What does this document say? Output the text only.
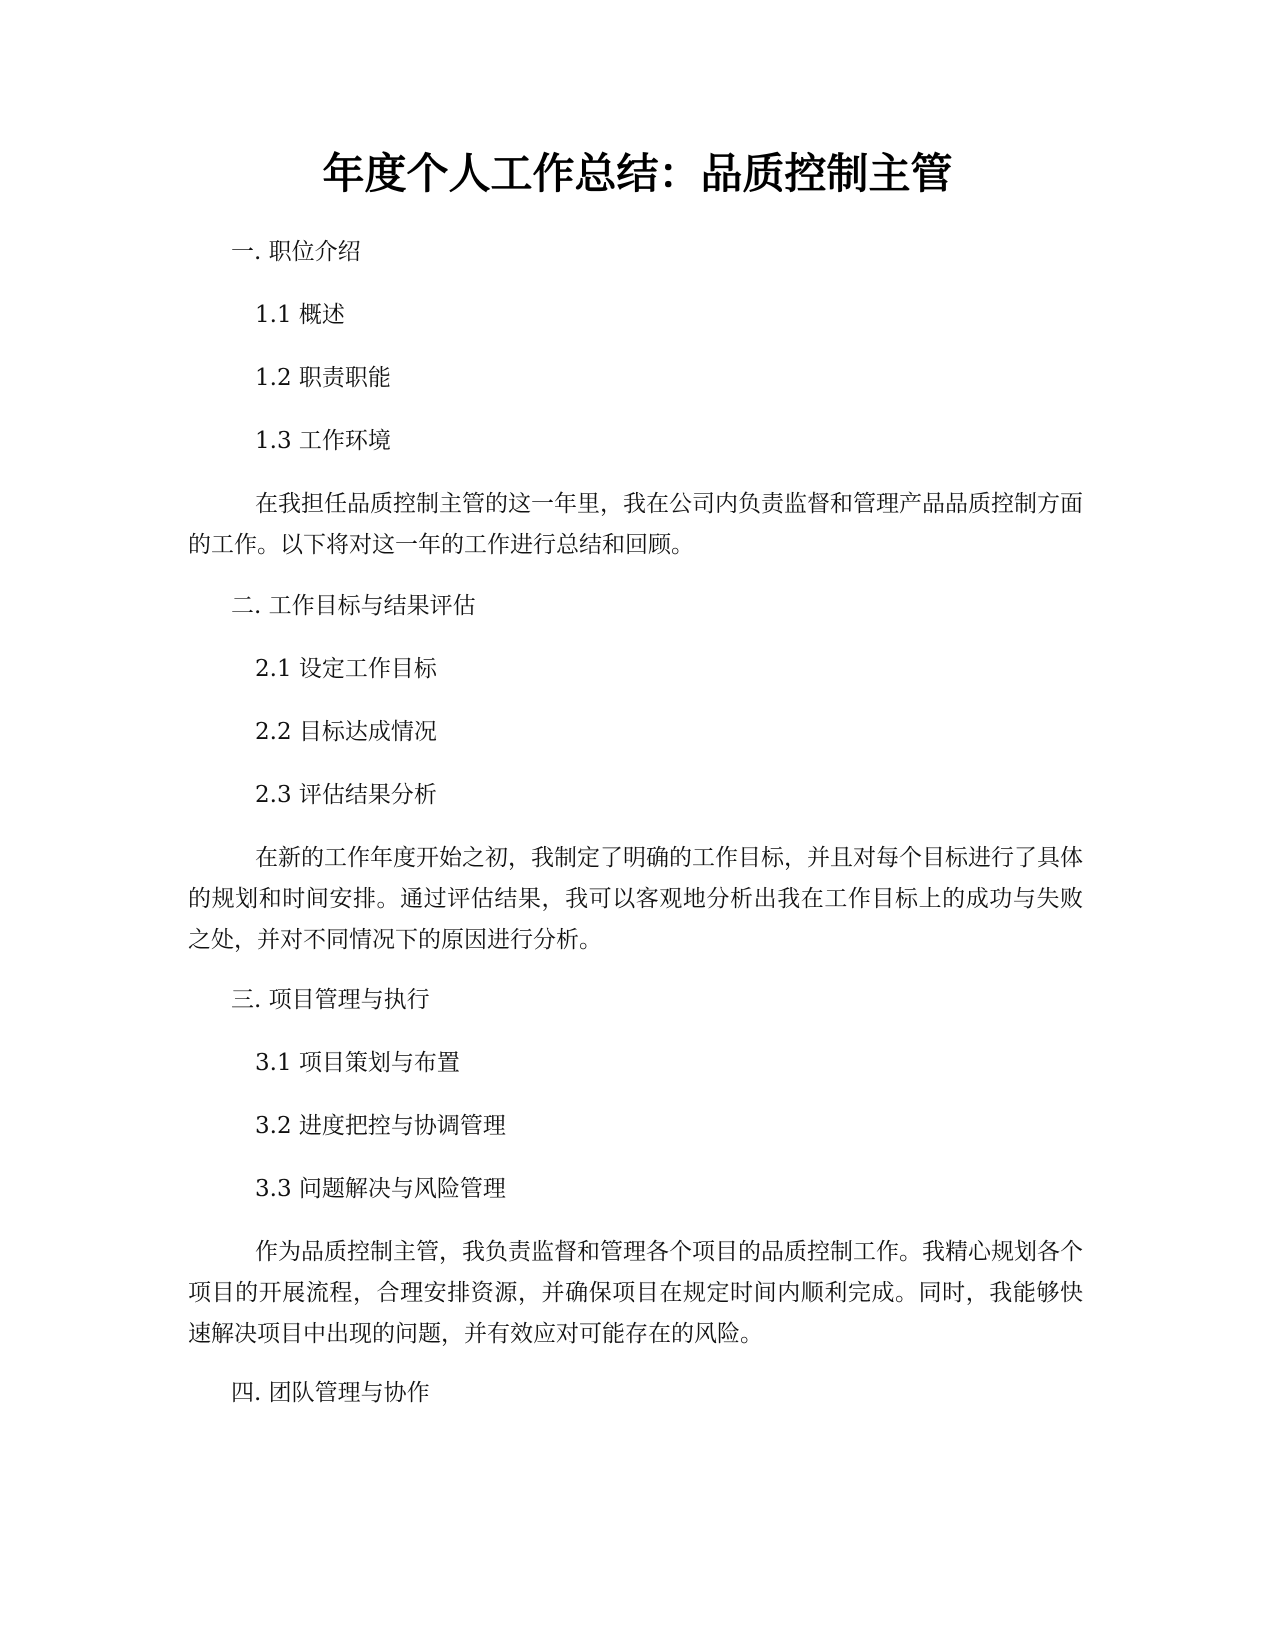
年度个人工作总结：品质控制主管

一. 职位介绍

1.1 概述

1.2 职责职能

1.3 工作环境

在我担任品质控制主管的这一年里，我在公司内负责监督和管理产品品质控制方面的工作。以下将对这一年的工作进行总结和回顾。

二. 工作目标与结果评估

2.1 设定工作目标

2.2 目标达成情况

2.3 评估结果分析

在新的工作年度开始之初，我制定了明确的工作目标，并且对每个目标进行了具体的规划和时间安排。通过评估结果，我可以客观地分析出我在工作目标上的成功与失败之处，并对不同情况下的原因进行分析。

三. 项目管理与执行

3.1 项目策划与布置

3.2 进度把控与协调管理

3.3 问题解决与风险管理

作为品质控制主管，我负责监督和管理各个项目的品质控制工作。我精心规划各个项目的开展流程，合理安排资源，并确保项目在规定时间内顺利完成。同时，我能够快速解决项目中出现的问题，并有效应对可能存在的风险。

四. 团队管理与协作
